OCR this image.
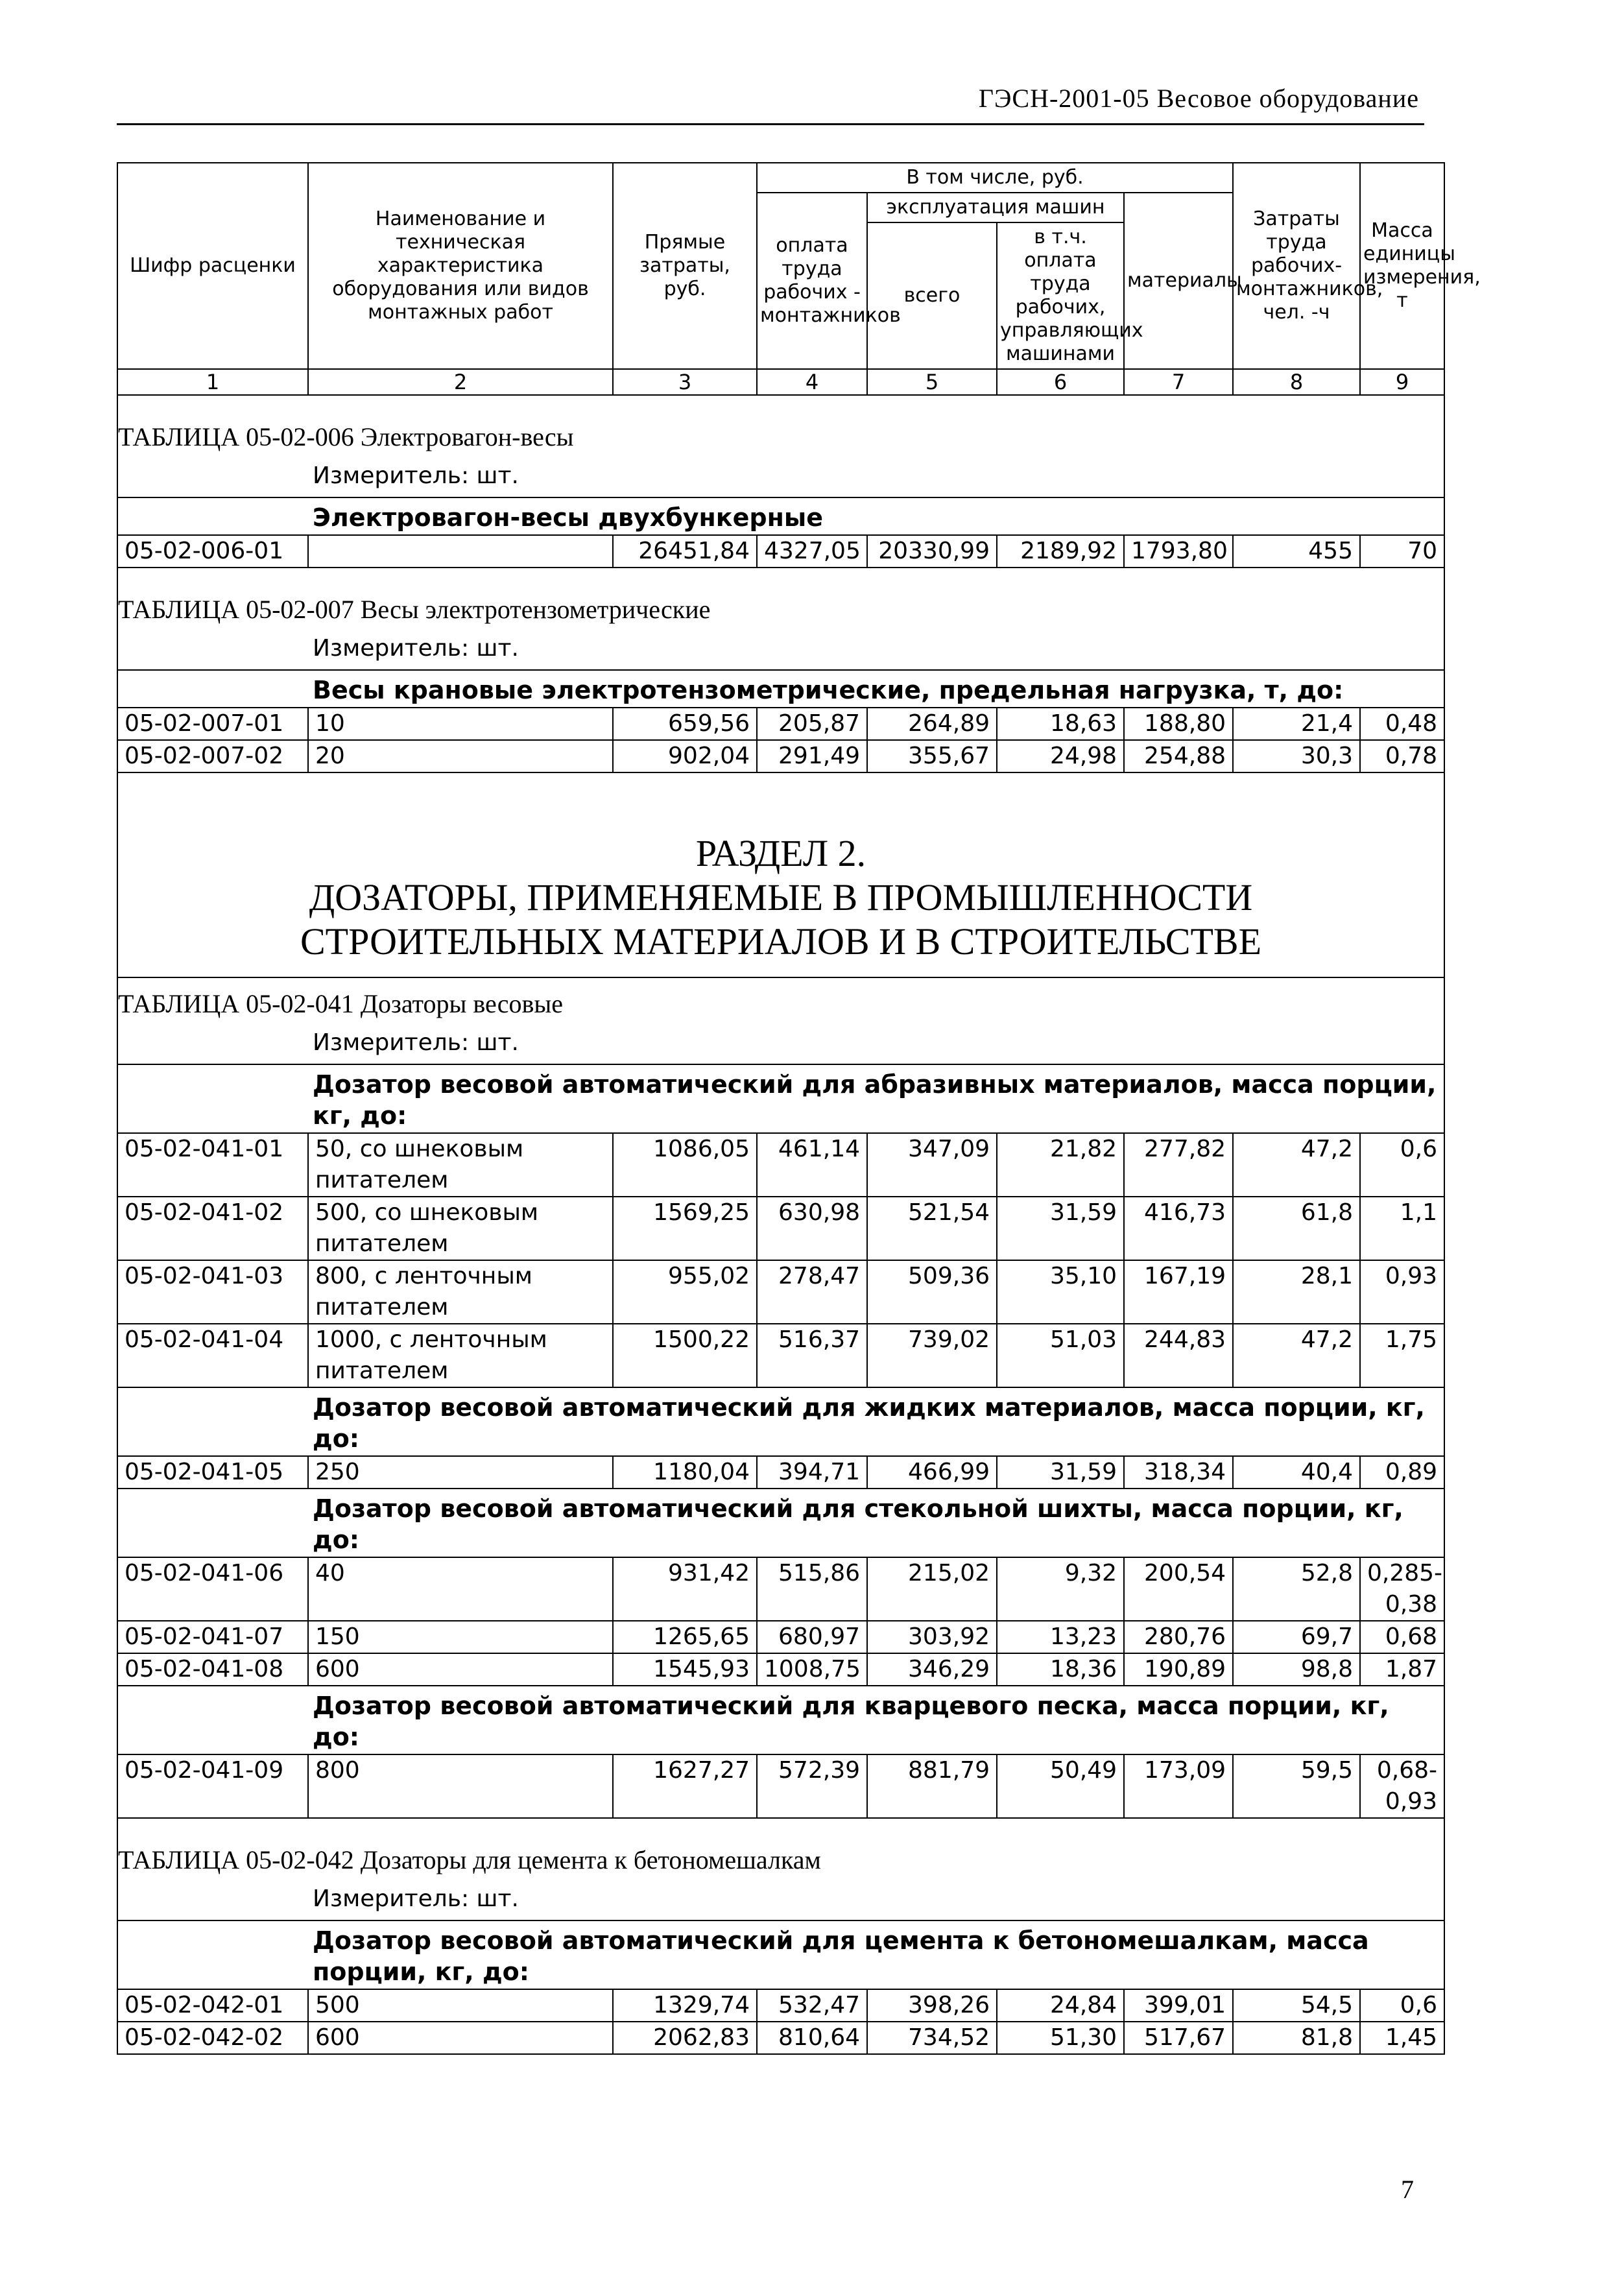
ГЭСН-2001-05 Весовое оборудование
Шифр расценки	Наименование и техническая характеристика оборудования или видов монтажных работ	Прямые затраты, руб.	В том числе, руб.				Затраты труда рабочих-монтажников, чел. -ч	Масса единицы измерения, т
			оплата труда рабочих - монтажников	эксплуатация машин		материалы		
				всего	в т.ч. оплата труда рабочих, управляющих машинами			
1	2	3	4	5	6	7	8	9
ТАБЛИЦА 05-02-006 Электровагон-весы								
Измеритель: шт.								
Электровагон-весы двухбункерные								
05-02-006-01		26451,84	4327,05	20330,99	2189,92	1793,80	455	70
ТАБЛИЦА 05-02-007 Весы электротензометрические								
Измеритель: шт.								
Весы крановые электротензометрические, предельная нагрузка, т, до:								
05-02-007-01	10	659,56	205,87	264,89	18,63	188,80	21,4	0,48
05-02-007-02	20	902,04	291,49	355,67	24,98	254,88	30,3	0,78

РАЗДЕЛ 2.
ДОЗАТОРЫ, ПРИМЕНЯЕМЫЕ В ПРОМЫШЛЕННОСТИ
СТРОИТЕЛЬНЫХ МАТЕРИАЛОВ И В СТРОИТЕЛЬСТВЕ								

ТАБЛИЦА 05-02-041 Дозаторы весовые								
Измеритель: шт.								
Дозатор весовой автоматический для абразивных материалов, масса порции, кг, до:								
05-02-041-01	50, со шнековым питателем	1086,05	461,14	347,09	21,82	277,82	47,2	0,6
05-02-041-02	500, со шнековым питателем	1569,25	630,98	521,54	31,59	416,73	61,8	1,1
05-02-041-03	800, с ленточным питателем	955,02	278,47	509,36	35,10	167,19	28,1	0,93
05-02-041-04	1000, с ленточным питателем	1500,22	516,37	739,02	51,03	244,83	47,2	1,75
Дозатор весовой автоматический для жидких материалов, масса порции, кг, до:								
05-02-041-05	250	1180,04	394,71	466,99	31,59	318,34	40,4	0,89
Дозатор весовой автоматический для стекольной шихты, масса порции, кг, до:								
05-02-041-06	40	931,42	515,86	215,02	9,32	200,54	52,8	0,285-0,38
05-02-041-07	150	1265,65	680,97	303,92	13,23	280,76	69,7	0,68
05-02-041-08	600	1545,93	1008,75	346,29	18,36	190,89	98,8	1,87
Дозатор весовой автоматический для кварцевого песка, масса порции, кг, до:								
05-02-041-09	800	1627,27	572,39	881,79	50,49	173,09	59,5	0,68-0,93
ТАБЛИЦА 05-02-042 Дозаторы для цемента к бетономешалкам								
Измеритель: шт.								
Дозатор весовой автоматический для цемента к бетономешалкам, масса порции, кг, до:								
05-02-042-01	500	1329,74	532,47	398,26	24,84	399,01	54,5	0,6
05-02-042-02	600	2062,83	810,64	734,52	51,30	517,67	81,8	1,45
7
